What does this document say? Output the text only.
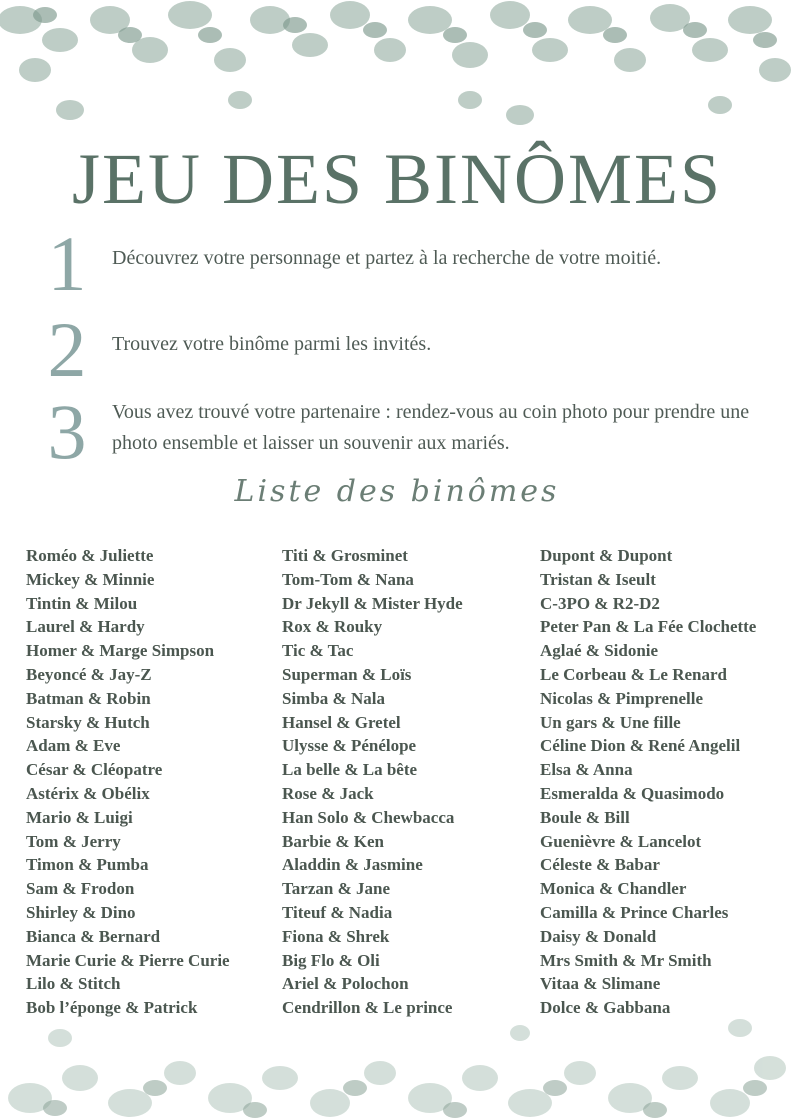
JEU DES BINÔMES
1	Découvrez votre personnage et partez à la recherche de votre moitié.
2	Trouvez votre binôme parmi les invités.
3	Vous avez trouvé votre partenaire : rendez-vous au coin photo pour prendre une photo ensemble et laisser un souvenir aux mariés.
Liste des binômes
Roméo & Juliette
Mickey & Minnie
Tintin & Milou
Laurel & Hardy
Homer & Marge Simpson
Beyoncé & Jay-Z
Batman & Robin
Starsky & Hutch
Adam & Eve
César & Cléopatre
Astérix & Obélix
Mario & Luigi
Tom & Jerry
Timon & Pumba
Sam & Frodon
Shirley & Dino
Bianca & Bernard
Marie Curie & Pierre Curie
Lilo & Stitch
Bob l’éponge & Patrick
Titi & Grosminet
Tom-Tom & Nana
Dr Jekyll & Mister Hyde
Rox & Rouky
Tic & Tac
Superman & Loïs
Simba & Nala
Hansel & Gretel
Ulysse & Pénélope
La belle & La bête
Rose & Jack
Han Solo & Chewbacca
Barbie & Ken
Aladdin & Jasmine
Tarzan & Jane
Titeuf & Nadia
Fiona & Shrek
Big Flo & Oli
Ariel & Polochon
Cendrillon & Le prince
Dupont & Dupont
Tristan & Iseult
C-3PO & R2-D2
Peter Pan & La Fée Clochette
Aglaé & Sidonie
Le Corbeau & Le Renard
Nicolas & Pimprenelle
Un gars & Une fille
Céline Dion & René Angelil
Elsa & Anna
Esmeralda & Quasimodo
Boule & Bill
Guenièvre & Lancelot
Céleste & Babar
Monica & Chandler
Camilla & Prince Charles
Daisy & Donald
Mrs Smith & Mr Smith
Vitaa & Slimane
Dolce & Gabbana
